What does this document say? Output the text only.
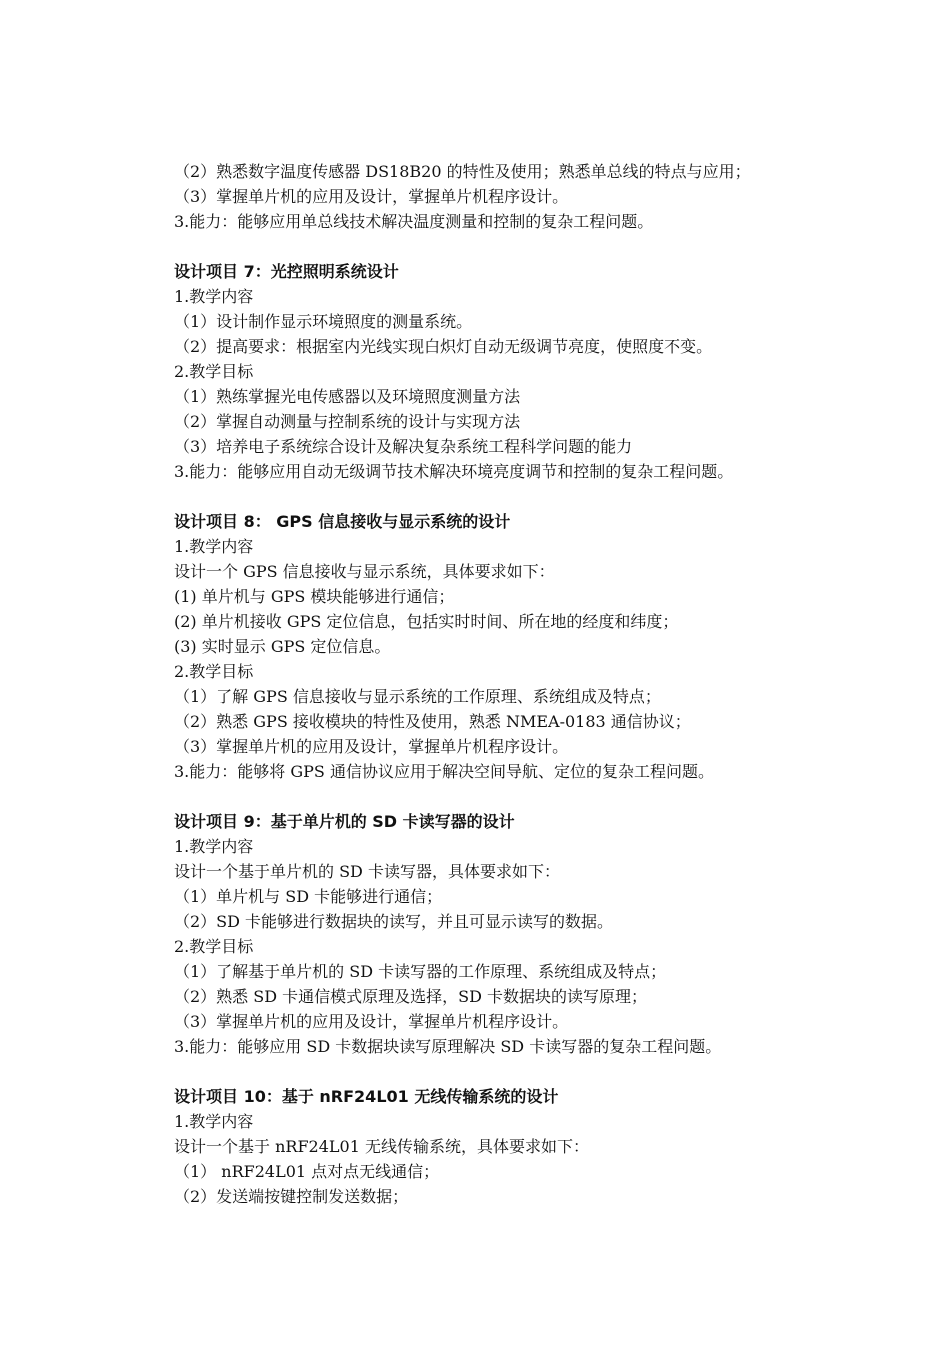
（2）熟悉数字温度传感器 DS18B20 的特性及使用；熟悉单总线的特点与应用；
（3）掌握单片机的应用及设计，掌握单片机程序设计。
3.能力：能够应用单总线技术解决温度测量和控制的复杂工程问题。
设计项目 7：光控照明系统设计
1.教学内容
（1）设计制作显示环境照度的测量系统。
（2）提高要求：根据室内光线实现白炽灯自动无级调节亮度，使照度不变。
2.教学目标
（1）熟练掌握光电传感器以及环境照度测量方法
（2）掌握自动测量与控制系统的设计与实现方法
（3）培养电子系统综合设计及解决复杂系统工程科学问题的能力
3.能力：能够应用自动无级调节技术解决环境亮度调节和控制的复杂工程问题。
设计项目 8： GPS 信息接收与显示系统的设计
1.教学内容
设计一个 GPS 信息接收与显示系统，具体要求如下：
(1) 单片机与 GPS 模块能够进行通信；
(2) 单片机接收 GPS 定位信息，包括实时时间、所在地的经度和纬度；
(3) 实时显示 GPS 定位信息。
2.教学目标
（1）了解 GPS 信息接收与显示系统的工作原理、系统组成及特点；
（2）熟悉 GPS 接收模块的特性及使用，熟悉 NMEA-0183 通信协议；
（3）掌握单片机的应用及设计，掌握单片机程序设计。
3.能力：能够将 GPS 通信协议应用于解决空间导航、定位的复杂工程问题。
设计项目 9：基于单片机的 SD 卡读写器的设计
1.教学内容
设计一个基于单片机的 SD 卡读写器，具体要求如下：
（1）单片机与 SD 卡能够进行通信；
（2）SD 卡能够进行数据块的读写，并且可显示读写的数据。
2.教学目标
（1）了解基于单片机的 SD 卡读写器的工作原理、系统组成及特点；
（2）熟悉 SD 卡通信模式原理及选择，SD 卡数据块的读写原理；
（3）掌握单片机的应用及设计，掌握单片机程序设计。
3.能力：能够应用 SD 卡数据块读写原理解决 SD 卡读写器的复杂工程问题。
设计项目 10：基于 nRF24L01 无线传输系统的设计
1.教学内容
设计一个基于 nRF24L01 无线传输系统，具体要求如下：
（1） nRF24L01 点对点无线通信；
（2）发送端按键控制发送数据；
